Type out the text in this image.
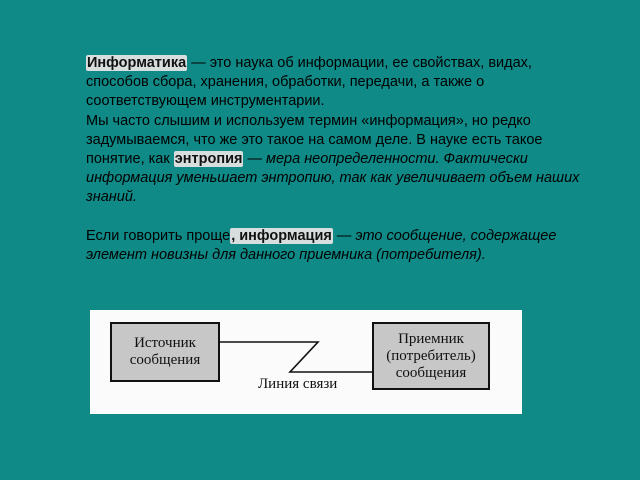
Информатика — это наука об информации, ее свойствах, видах, способов сбора, хранения, обработки, передачи, а также о соответствующем инструментарии.

Мы часто слышим и используем термин «информация», но редко задумываемся, что же это такое на самом деле. В науке есть такое понятие, как энтропия — мера неопределенности. Фактически информация уменьшает энтропию, так как увеличивает объем наших знаний.

Если говорить проще, информация — это сообщение, содержащее элемент новизны для данного приемника (потребителя).

Источник
сообщения
Приемник
(потребитель)
сообщения
Линия связи
